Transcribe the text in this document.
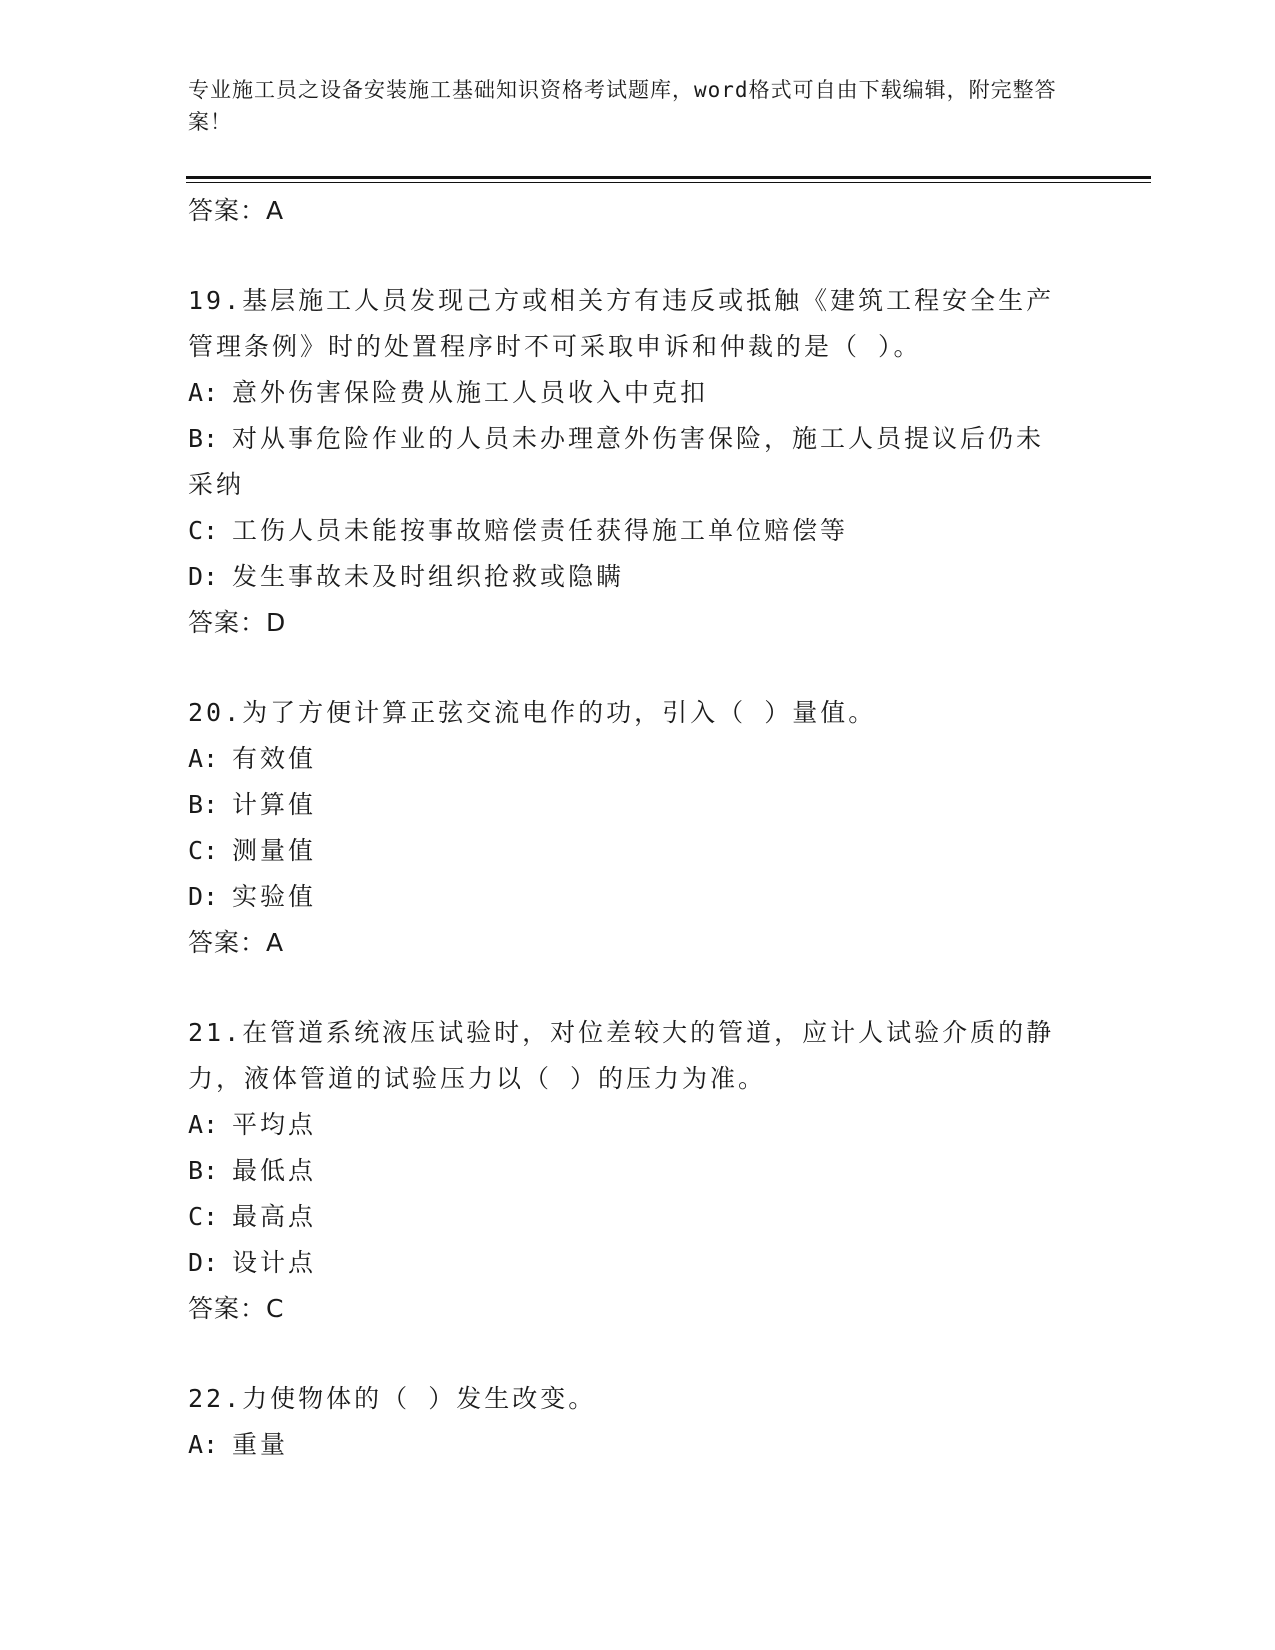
专业施工员之设备安装施工基础知识资格考试题库，word格式可自由下载编辑，附完整答案！
答案：A

19.基层施工人员发现己方或相关方有违反或抵触《建筑工程安全生产管理条例》时的处置程序时不可采取申诉和仲裁的是（ ）。

A: 意外伤害保险费从施工人员收入中克扣

B: 对从事危险作业的人员未办理意外伤害保险，施工人员提议后仍未采纳

C: 工伤人员未能按事故赔偿责任获得施工单位赔偿等

D: 发生事故未及时组织抢救或隐瞒

答案：D

20.为了方便计算正弦交流电作的功，引入（ ）量值。

A: 有效值

B: 计算值

C: 测量值

D: 实验值

答案：A

21.在管道系统液压试验时，对位差较大的管道，应计人试验介质的静力，液体管道的试验压力以（ ）的压力为准。

A: 平均点

B: 最低点

C: 最高点

D: 设计点

答案：C

22.力使物体的（ ）发生改变。

A: 重量
